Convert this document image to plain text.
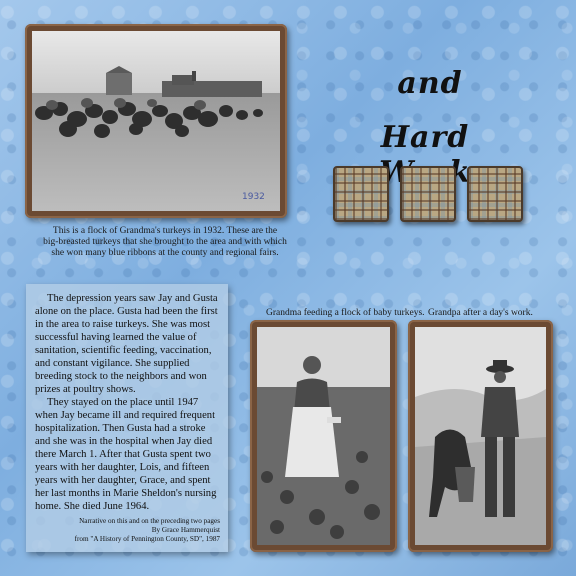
1932
This is a flock of Grandma's turkeys in 1932. These are the
big-breasted turkeys that she brought to the area and with which
she won many blue ribbons at the county and regional fairs.
and
Hard
The depression years saw Jay and Gusta alone on the place. Gusta had been the first in the area to raise turkeys. She was most successful having learned the value of sanitation, scientific feeding, vaccination, and constant vigilance. She supplied breeding stock to the neighbors and won prizes at poultry shows.
They stayed on the place until 1947 when Jay became ill and required frequent hospitalization. Then Gusta had a stroke and she was in the hospital when Jay died there March 1. After that Gusta spent two years with her daughter, Lois, and fifteen years with her daughter, Grace, and spent her last months in Marie Sheldon's nursing home. She died June 1964.
Narrative on this and on the preceding two pages
By Grace Hammerquist
from "A History of Pennington County, SD", 1987
Grandma feeding a flock of baby turkeys. Grandpa after a day's work.
